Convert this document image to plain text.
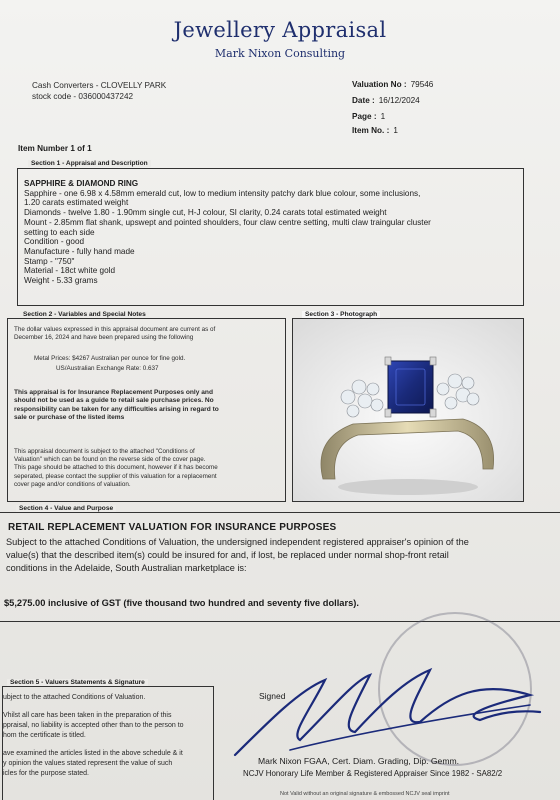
Jewellery Appraisal
Mark Nixon Consulting
Cash Converters - CLOVELLY PARK
stock code - 036000437242
Valuation No : 79546
Date : 16/12/2024
Page : 1
Item No. : 1
Item Number 1 of 1
SAPPHIRE & DIAMOND RING
Sapphire - one 6.98 x 4.58mm emerald cut, low to medium intensity patchy dark blue colour, some inclusions,
1.20 carats estimated weight
Diamonds - twelve 1.80 - 1.90mm single cut, H-J colour, SI clarity, 0.24 carats total estimated weight
Mount - 2.85mm flat shank, upswept and pointed shoulders, four claw centre setting, multi claw traingular cluster
setting to each side
Condition - good
Manufacture - fully hand made
Stamp - "750"
Material - 18ct white gold
Weight - 5.33 grams
Section 1 - Appraisal and Description
The dollar values expressed in this appraisal document are current as of
December 16, 2024 and have been prepared using the following
Metal Prices: $4267 Australian per ounce for fine gold.
US/Australian Exchange Rate: 0.637
This appraisal is for Insurance Replacement Purposes only and
should not be used as a guide to retail sale purchase prices. No
responsibility can be taken for any difficulties arising in regard to
sale or purchase of the listed items
This appraisal document is subject to the attached "Conditions of
Valuation" which can be found on the reverse side of the cover page.
This page should be attached to this document, however if it has become
seperated, please contact the supplier of this valuation for a replacement
cover page and/or conditions of valuation.
Section 2 - Variables and Special Notes	Section 3 - Photograph
Section 4 - Value and Purpose
RETAIL REPLACEMENT VALUATION FOR INSURANCE PURPOSES
Subject to the attached Conditions of Valuation, the undersigned independent registered appraiser's opinion of the
value(s) that the described item(s) could be insured for and, if lost, be replaced under normal shop-front retail
conditions in the Adelaide, South Australian marketplace is:
$5,275.00 inclusive of GST (five thousand two hundred and seventy five dollars).
ubject to the attached Conditions of Valuation.
Vhilst all care has been taken in the preparation of this
ppraisal, no liability is accepted other than to the person to
hom the certificate is titled.
ave examined the articles listed in the above schedule & it
y opinion the values stated represent the value of such
icles for the purpose stated.
Section 5 - Valuers Statements & Signature
Signed
Mark Nixon FGAA, Cert. Diam. Grading, Dip. Gemm.
NCJV Honorary Life Member & Registered Appraiser Since 1982 - SA82/2
Not Valid without an original signature & embossed NCJV seal imprint
